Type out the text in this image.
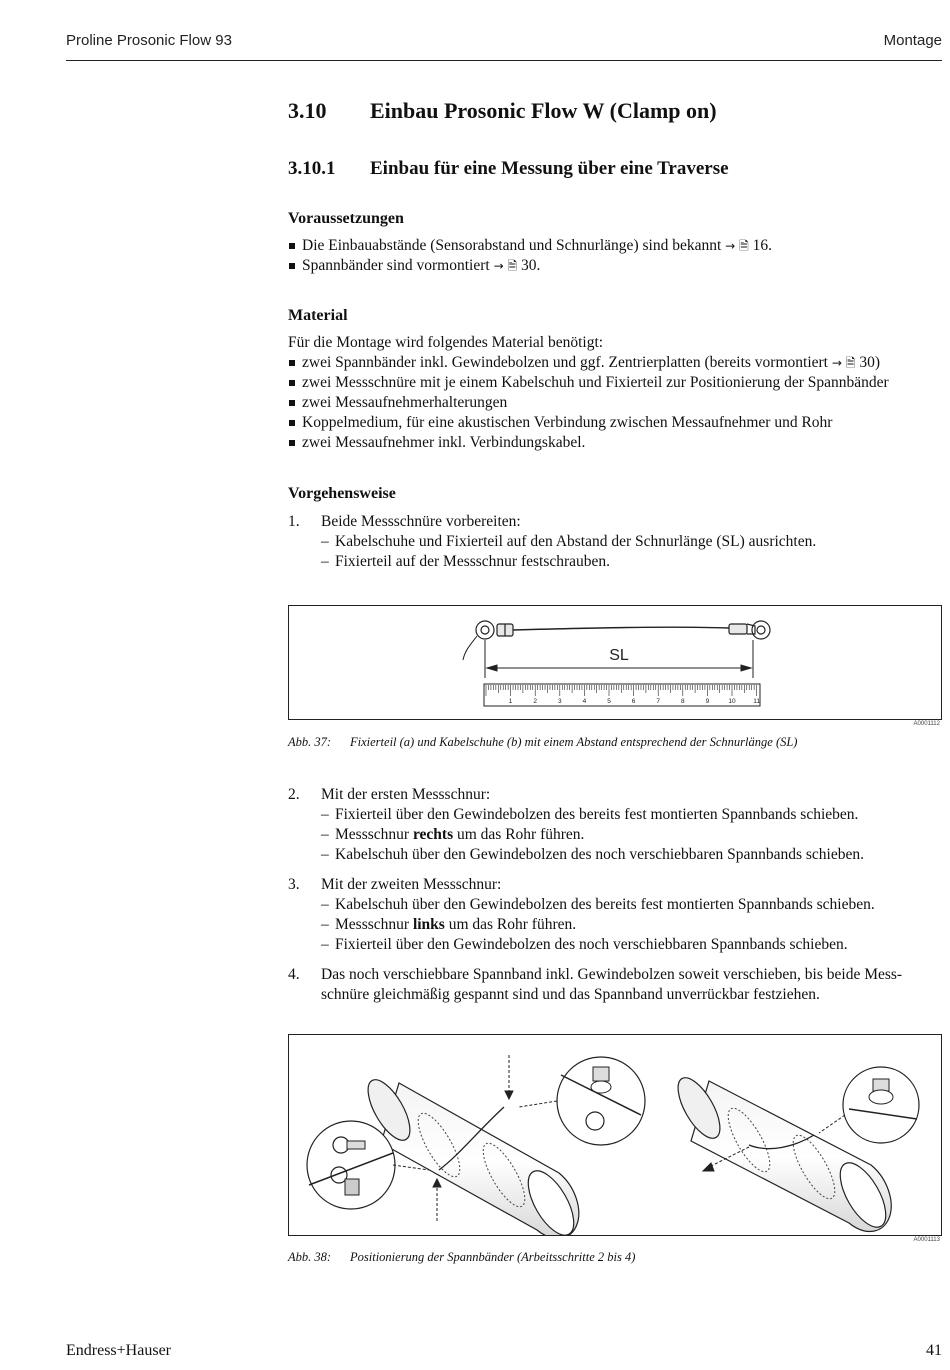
Proline Prosonic Flow 93	Montage
3.10 Einbau Prosonic Flow W (Clamp on)
3.10.1 Einbau für eine Messung über eine Traverse

Voraussetzungen

Die Einbauabstände (Sensorabstand und Schnurlänge) sind bekannt → 🗎 16.
Spannbänder sind vormontiert → 🗎 30.

Material

Für die Montage wird folgendes Material benötigt:
zwei Spannbänder inkl. Gewindebolzen und ggf. Zentrierplatten (bereits vormontiert → 🗎 30)
zwei Messschnüre mit je einem Kabelschuh und Fixierteil zur Positionierung der Spannbänder
zwei Messaufnehmerhalterungen
Koppelmedium, für eine akustischen Verbindung zwischen Messaufnehmer und Rohr
zwei Messaufnehmer inkl. Verbindungskabel.

Vorgehensweise

1. Beide Messschnüre vorbereiten:
– Kabelschuhe und Fixierteil auf den Abstand der Schnurlänge (SL) ausrichten.
– Fixierteil auf der Messschnur festschrauben.
SL
1	2	3	4	5	6	7	8	9	10	11
A0001112
Abb. 37: Fixierteil (a) und Kabelschuhe (b) mit einem Abstand entsprechend der Schnurlänge (SL)
2. Mit der ersten Messschnur:
– Fixierteil über den Gewindebolzen des bereits fest montierten Spannbands schieben.
– Messschnur rechts um das Rohr führen.
– Kabelschuh über den Gewindebolzen des noch verschiebbaren Spannbands schieben.
3. Mit der zweiten Messschnur:
– Kabelschuh über den Gewindebolzen des bereits fest montierten Spannbands schieben.
– Messschnur links um das Rohr führen.
– Fixierteil über den Gewindebolzen des noch verschiebbaren Spannbands schieben.
4. Das noch verschiebbare Spannband inkl. Gewindebolzen soweit verschieben, bis beide Mess-
schnüre gleichmäßig gespannt sind und das Spannband unverrückbar festziehen.
A0001113
Abb. 38: Positionierung der Spannbänder (Arbeitsschritte 2 bis 4)
Endress+Hauser	41
